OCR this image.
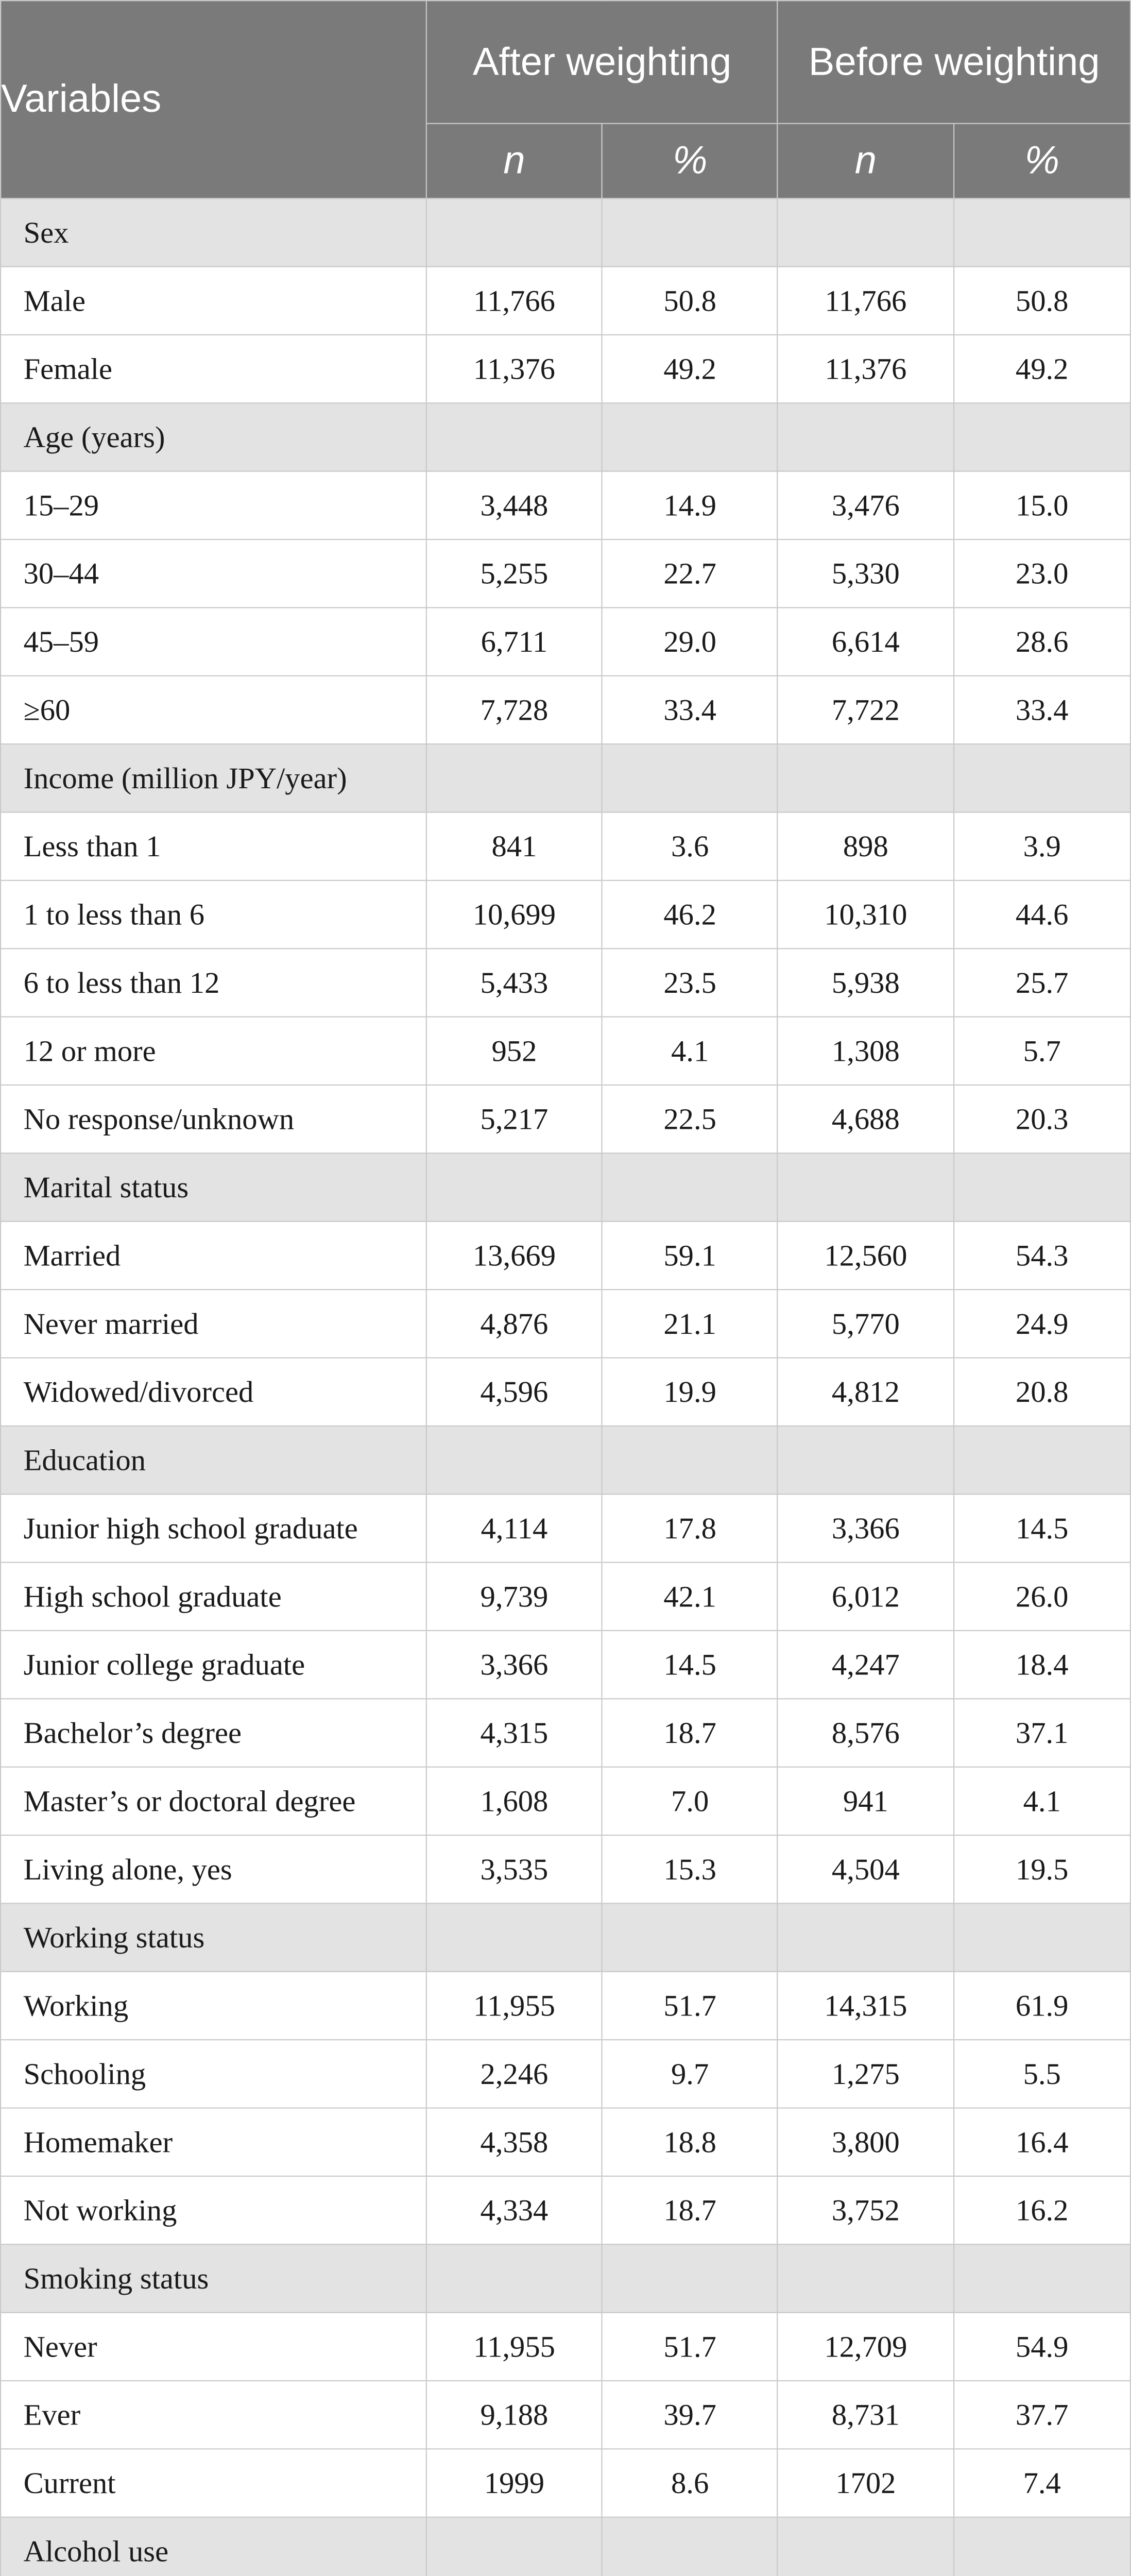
Variables	After weighting		Before weighting	
	n	%	n	%
Sex				
Male	11,766	50.8	11,766	50.8
Female	11,376	49.2	11,376	49.2
Age (years)				
15–29	3,448	14.9	3,476	15.0
30–44	5,255	22.7	5,330	23.0
45–59	6,711	29.0	6,614	28.6
≥60	7,728	33.4	7,722	33.4
Income (million JPY/year)				
Less than 1	841	3.6	898	3.9
1 to less than 6	10,699	46.2	10,310	44.6
6 to less than 12	5,433	23.5	5,938	25.7
12 or more	952	4.1	1,308	5.7
No response/unknown	5,217	22.5	4,688	20.3
Marital status				
Married	13,669	59.1	12,560	54.3
Never married	4,876	21.1	5,770	24.9
Widowed/divorced	4,596	19.9	4,812	20.8
Education				
Junior high school graduate	4,114	17.8	3,366	14.5
High school graduate	9,739	42.1	6,012	26.0
Junior college graduate	3,366	14.5	4,247	18.4
Bachelor’s degree	4,315	18.7	8,576	37.1
Master’s or doctoral degree	1,608	7.0	941	4.1
Living alone, yes	3,535	15.3	4,504	19.5
Working status				
Working	11,955	51.7	14,315	61.9
Schooling	2,246	9.7	1,275	5.5
Homemaker	4,358	18.8	3,800	16.4
Not working	4,334	18.7	3,752	16.2
Smoking status				
Never	11,955	51.7	12,709	54.9
Ever	9,188	39.7	8,731	37.7
Current	1999	8.6	1702	7.4
Alcohol use				
